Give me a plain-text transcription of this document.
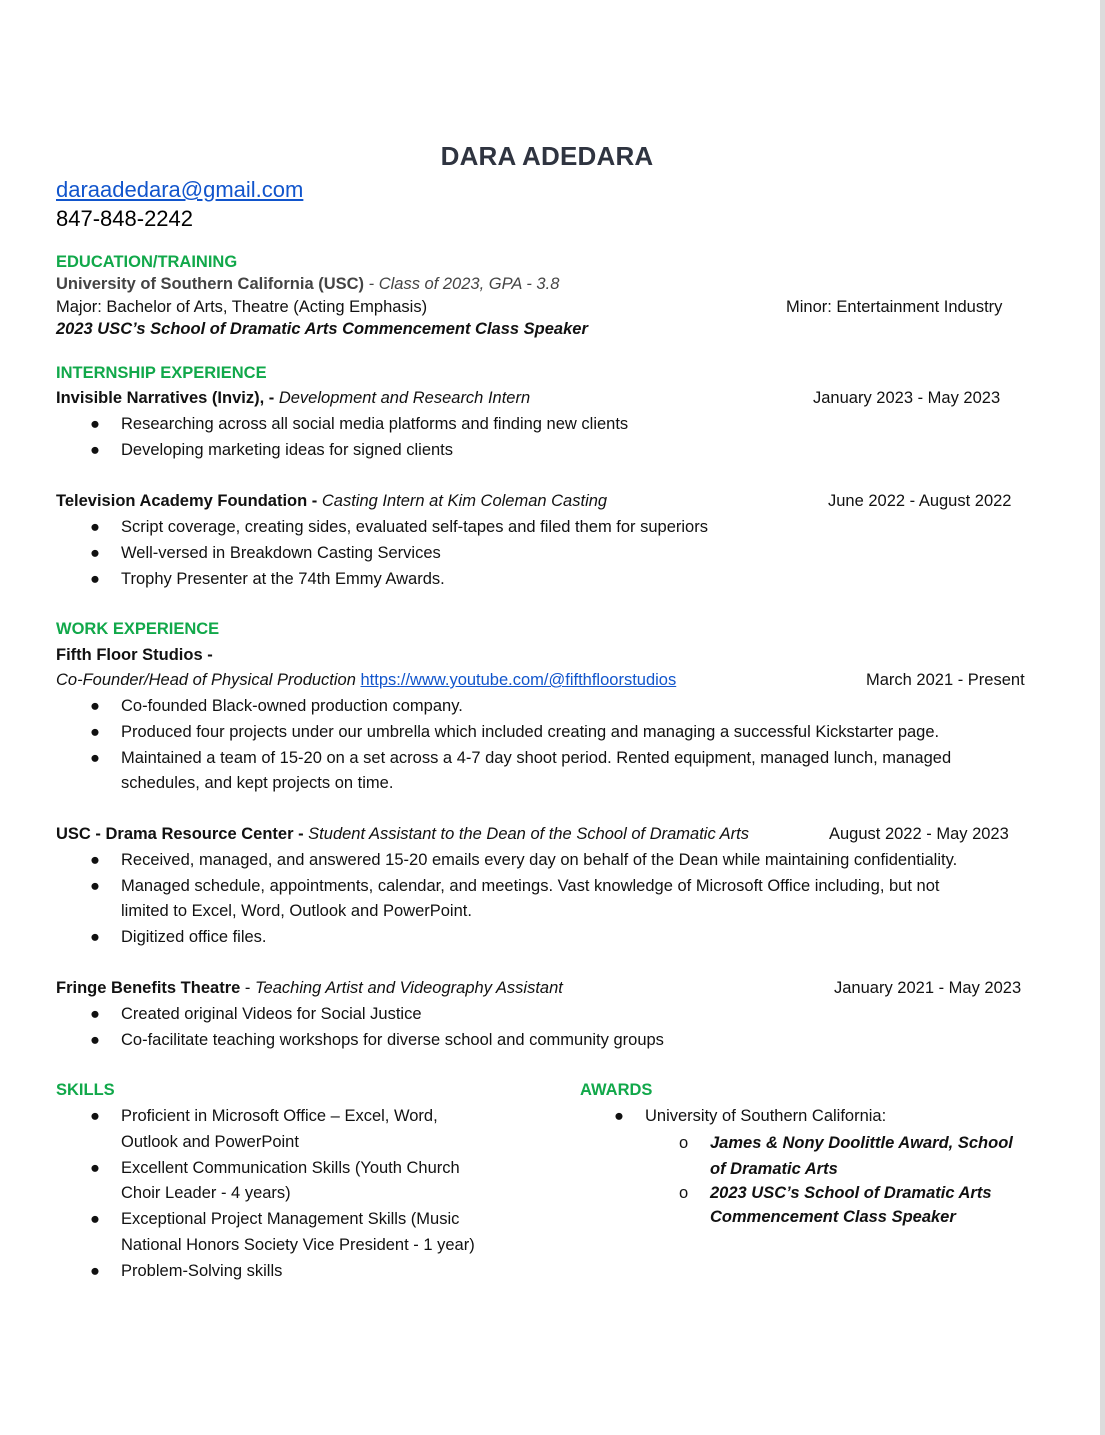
DARA ADEDARA
daraadedara@gmail.com
847-848-2242
EDUCATION/TRAINING
University of Southern California (USC) - Class of 2023, GPA - 3.8
Major: Bachelor of Arts, Theatre (Acting Emphasis)	Minor: Entertainment Industry
2023 USC’s School of Dramatic Arts Commencement Class Speaker
INTERNSHIP EXPERIENCE
Invisible Narratives (Inviz), - Development and Research Intern	January 2023 - May 2023
● Researching across all social media platforms and finding new clients
● Developing marketing ideas for signed clients
Television Academy Foundation - Casting Intern at Kim Coleman Casting	June 2022 - August 2022
● Script coverage, creating sides, evaluated self-tapes and filed them for superiors
● Well-versed in Breakdown Casting Services
● Trophy Presenter at the 74th Emmy Awards.
WORK EXPERIENCE
Fifth Floor Studios -
Co-Founder/Head of Physical Production https://www.youtube.com/@fifthfloorstudios	March 2021 - Present
● Co-founded Black-owned production company.
● Produced four projects under our umbrella which included creating and managing a successful Kickstarter page.
● Maintained a team of 15-20 on a set across a 4-7 day shoot period. Rented equipment, managed lunch, managed
schedules, and kept projects on time.
USC - Drama Resource Center - Student Assistant to the Dean of the School of Dramatic Arts	August 2022 - May 2023
● Received, managed, and answered 15-20 emails every day on behalf of the Dean while maintaining confidentiality.
● Managed schedule, appointments, calendar, and meetings. Vast knowledge of Microsoft Office including, but not
limited to Excel, Word, Outlook and PowerPoint.
● Digitized office files.
Fringe Benefits Theatre - Teaching Artist and Videography Assistant	January 2021 - May 2023
● Created original Videos for Social Justice
● Co-facilitate teaching workshops for diverse school and community groups
SKILLS
● Proficient in Microsoft Office – Excel, Word,
Outlook and PowerPoint
● Excellent Communication Skills (Youth Church
Choir Leader - 4 years)
● Exceptional Project Management Skills (Music
National Honors Society Vice President - 1 year)
● Problem-Solving skills
AWARDS
● University of Southern California:
o James & Nony Doolittle Award, School
of Dramatic Arts
o 2023 USC’s School of Dramatic Arts
Commencement Class Speaker
